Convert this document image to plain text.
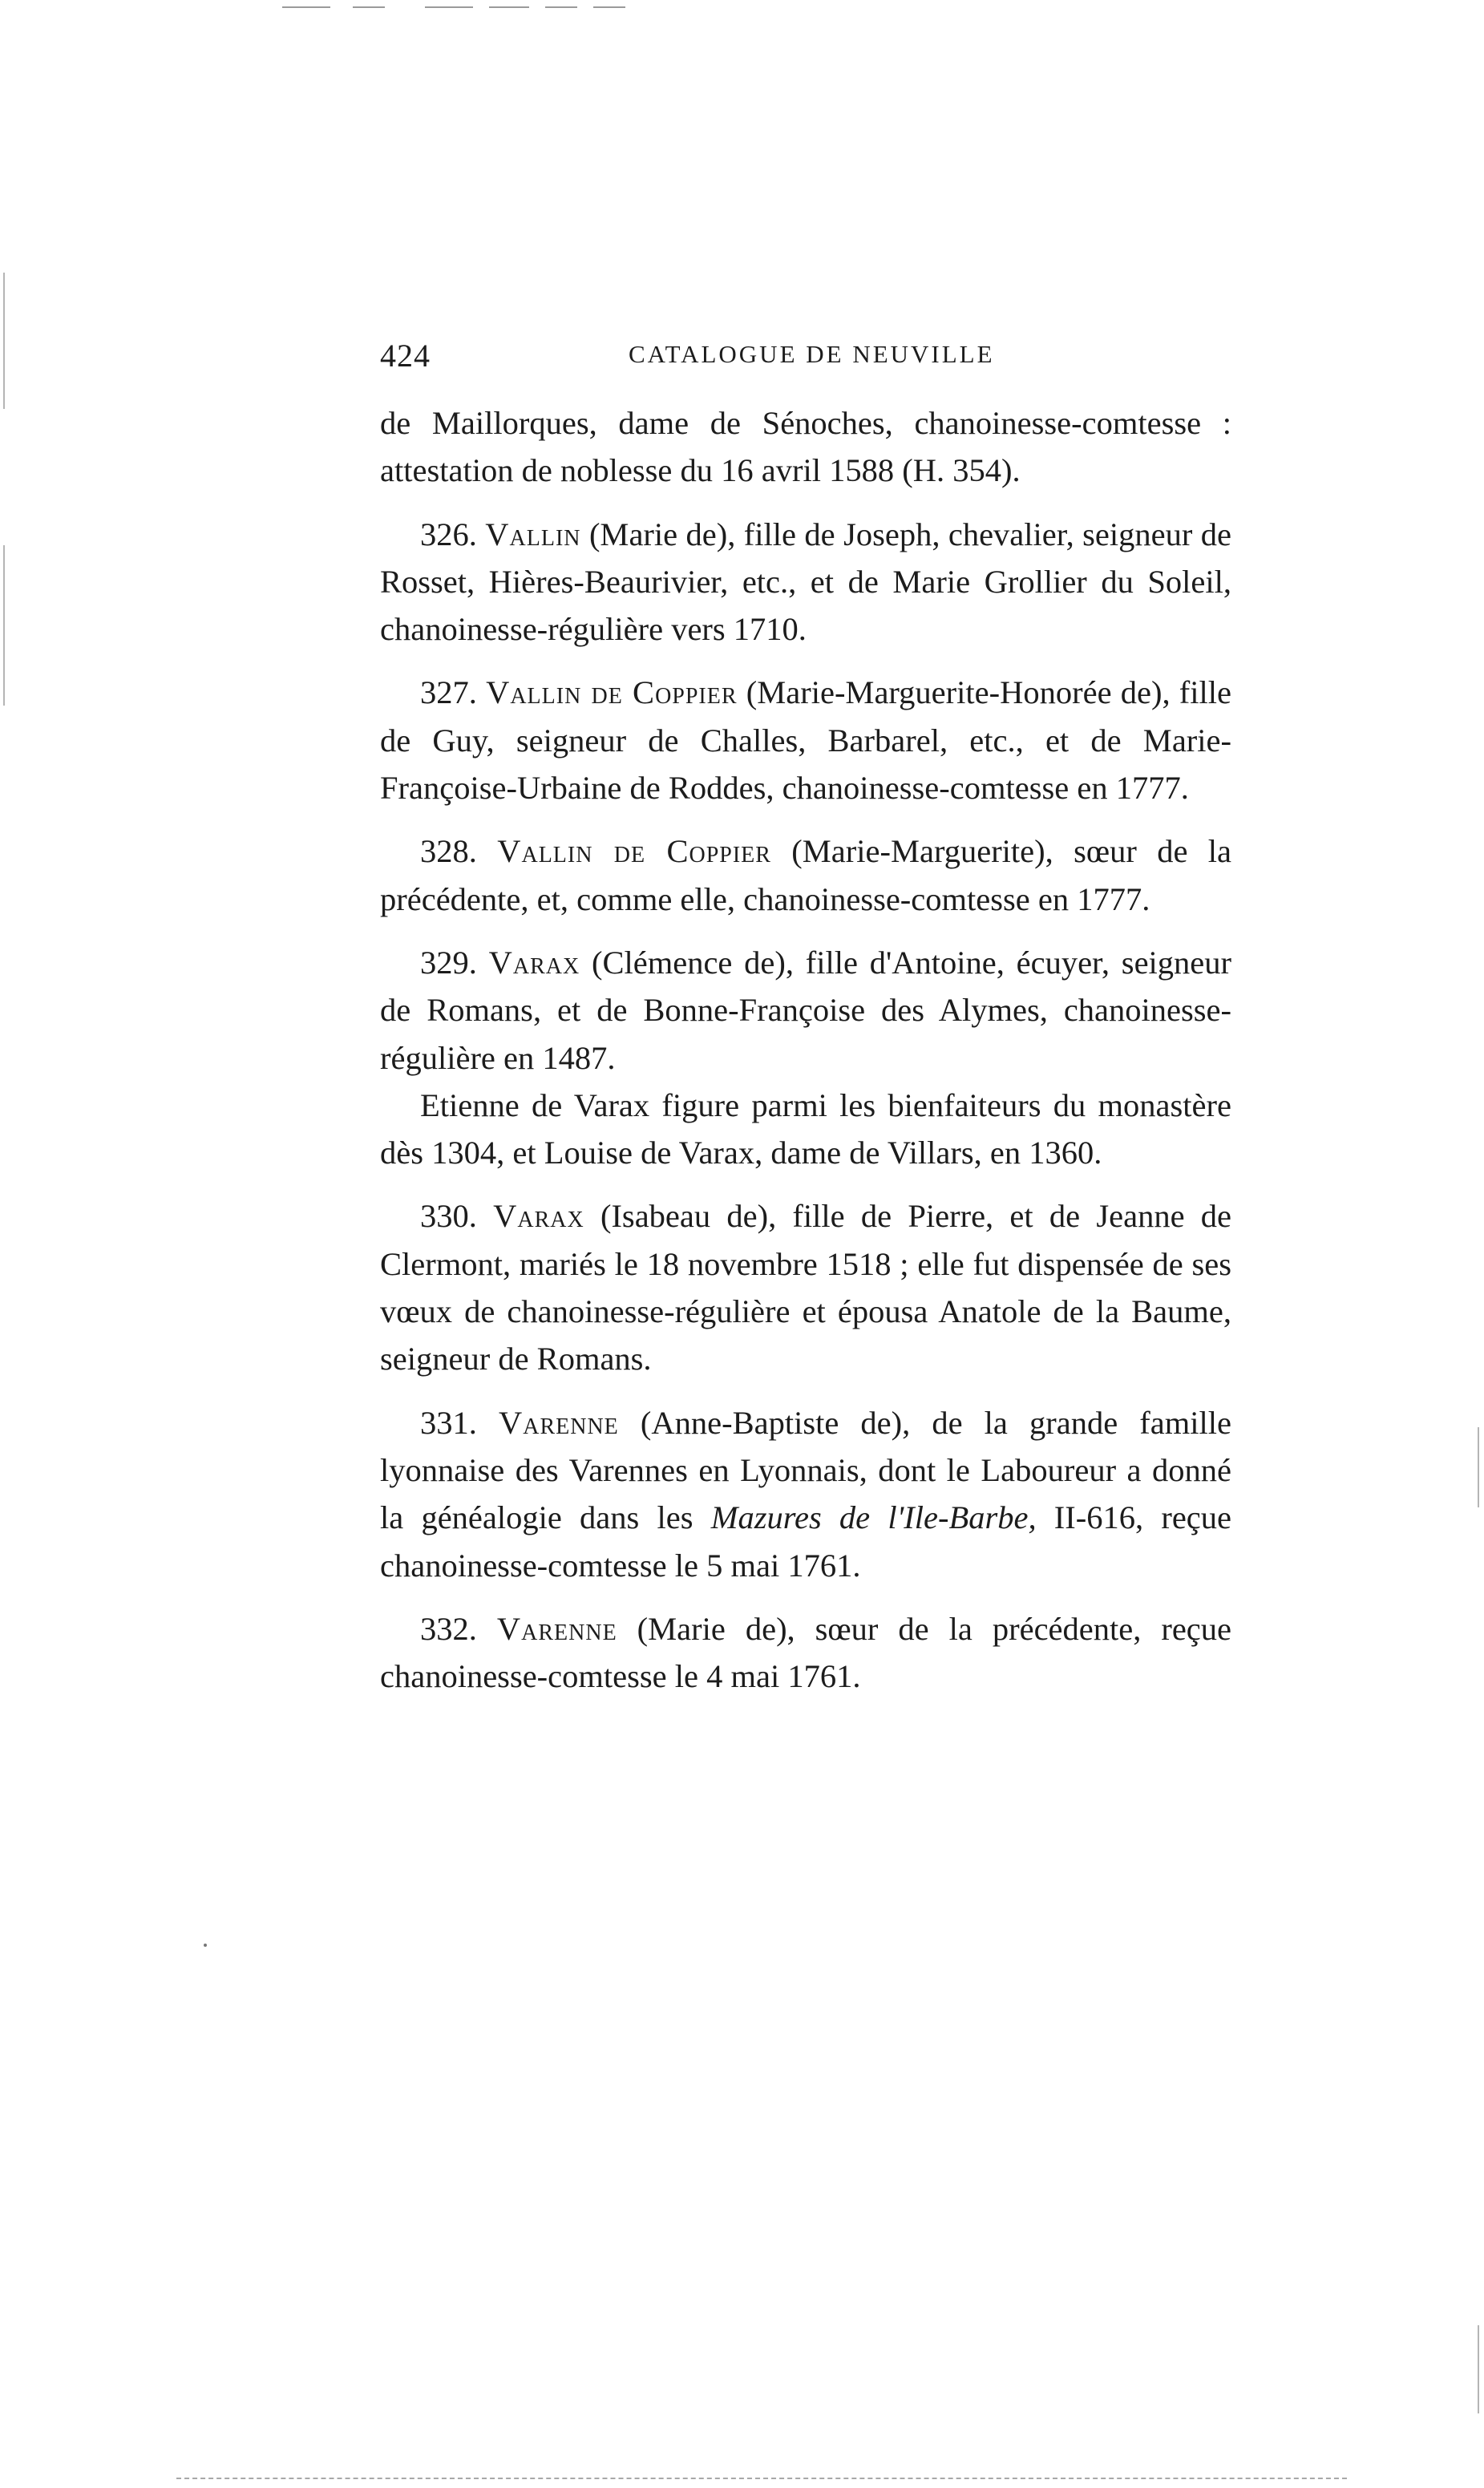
424	CATALOGUE DE NEUVILLE

de Maillorques, dame de Sénoches, chanoinesse-comtesse : attestation de noblesse du 16 avril 1588 (H. 354).

326. Vallin (Marie de), fille de Joseph, chevalier, seigneur de Rosset, Hières-Beaurivier, etc., et de Marie Grollier du Soleil, chanoinesse-régulière vers 1710.

327. Vallin de Coppier (Marie-Marguerite-Honorée de), fille de Guy, seigneur de Challes, Barbarel, etc., et de Marie-Françoise-Urbaine de Roddes, chanoinesse-comtesse en 1777.

328. Vallin de Coppier (Marie-Marguerite), sœur de la précédente, et, comme elle, chanoinesse-comtesse en 1777.

329. Varax (Clémence de), fille d'Antoine, écuyer, seigneur de Romans, et de Bonne-Françoise des Alymes, chanoinesse-régulière en 1487.

Etienne de Varax figure parmi les bienfaiteurs du monastère dès 1304, et Louise de Varax, dame de Villars, en 1360.

330. Varax (Isabeau de), fille de Pierre, et de Jeanne de Clermont, mariés le 18 novembre 1518 ; elle fut dispensée de ses vœux de chanoinesse-régulière et épousa Anatole de la Baume, seigneur de Romans.

331. Varenne (Anne-Baptiste de), de la grande famille lyonnaise des Varennes en Lyonnais, dont le Laboureur a donné la généalogie dans les Mazures de l'Ile-Barbe, II-616, reçue chanoinesse-comtesse le 5 mai 1761.

332. Varenne (Marie de), sœur de la précédente, reçue chanoinesse-comtesse le 4 mai 1761.
